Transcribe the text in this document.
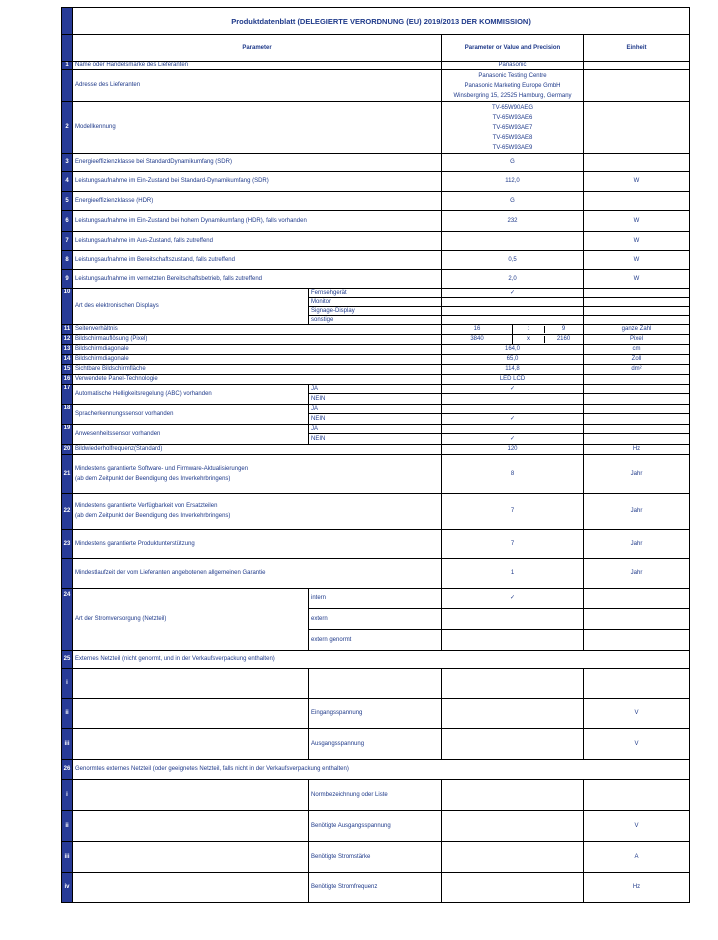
	Produktdatenblatt (DELEGIERTE VERORDNUNG (EU) 2019/2013 DER KOMMISSION)				
	Parameter		Parameter or Value and Precision		Einheit
1	Name oder Handelsmarke des Lieferanten		Panasonic		
	Adresse des Lieferanten		Panasonic Testing Centre
Panasonic Marketing Europe GmbH
Winsbergring 15, 22525 Hamburg, Germany		

2	Modellkennung		TV-65W90AEG
TV-65W93AE6
TV-65W93AE7
TV-65W93AE8
TV-65W93AE9		

3	Energieeffizienzklasse bei StandardDynamikumfang (SDR)		G		
4	Leistungsaufnahme im Ein-Zustand bei Standard-Dynamikumfang (SDR)		112,0		W
5	Energieeffizienzklasse (HDR)		G		
6	Leistungsaufnahme im Ein-Zustand bei hohem Dynamikumfang (HDR), falls vorhanden		232		W
7	Leistungsaufnahme im Aus-Zustand, falls zutreffend				W
8	Leistungsaufnahme im Bereitschaftszustand, falls zutreffend		0,5		W
9	Leistungsaufnahme im vernetzten Bereitschaftsbetrieb, falls zutreffend		2,0		W
10	Art des elektronischen Displays	Fernsehgerät	✓		
		Monitor			
		Signage-Display			
		sonstige			
11	Seitenverhältnis		16	: 9	ganze Zahl
12	Bildschirmauflösung (Pixel)		3840	x 2160	Pixel
13	Bildschirmdiagonale		164,0		cm
14	Bildschirmdiagonale		65,0		Zoll
15	Sichtbare Bildschirmfläche		114,8		dm²
16	Verwendete Panel-Technologie		LED LCD		
17	Automatische Helligkeitsregelung (ABC) vorhanden	JA	✓		
		NEIN			
18	Spracherkennungssensor vorhanden	JA			
		NEIN	✓		
19	Anwesenheitssensor vorhanden	JA			
		NEIN	✓		
20	Bildwiederholfrequenz(Standard)		120		Hz
21	Mindestens garantierte Software- und Firmware-Aktualisierungen
(ab dem Zeitpunkt der Beendigung des Inverkehrbringens)		8		Jahr
22	Mindestens garantierte Verfügbarkeit von Ersatzteilen
(ab dem Zeitpunkt der Beendigung des Inverkehrbringens)		7		Jahr
23	Mindestens garantierte Produktunterstützung		7		Jahr
	Mindestlaufzeit der vom Lieferanten angebotenen allgemeinen Garantie		1		Jahr
24	Art der Stromversorgung (Netzteil)	intern	✓		
		extern			
		extern genormt			
25	Externes Netzteil (nicht genormt, und in der Verkaufsverpackung enthalten)				
i					
ii		Eingangsspannung			V
iii		Ausgangsspannung			V
26	Genormtes externes Netzteil (oder geeignetes Netzteil, falls nicht in der Verkaufsverpackung enthalten)				
i		Normbezeichnung oder Liste			
ii		Benötigte Ausgangsspannung			V
iii		Benötigte Stromstärke			A
iv		Benötigte Stromfrequenz			Hz
